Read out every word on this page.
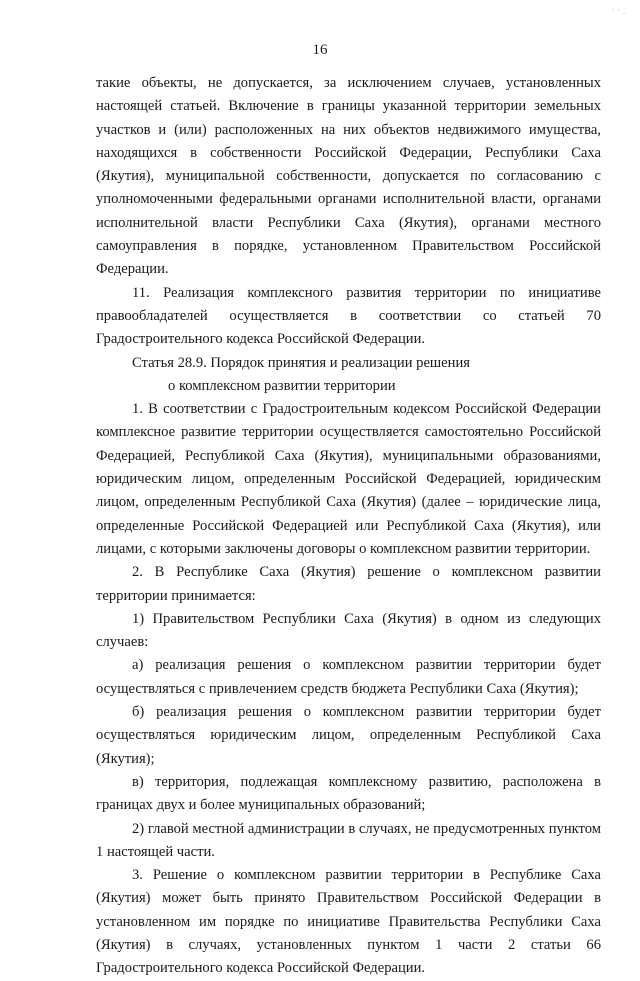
` ' .
16

такие объекты, не допускается, за исключением случаев, установленных настоящей статьей. Включение в границы указанной территории земельных участков и (или) расположенных на них объектов недвижимого имущества, находящихся в собственности Российской Федерации, Республики Саха (Якутия), муниципальной собственности, допускается по согласованию с уполномоченными федеральными органами исполнительной власти, органами исполнительной власти Республики Саха (Якутия), органами местного самоуправления в порядке, установленном Правительством Российской Федерации.

11. Реализация комплексного развития территории по инициативе правообладателей осуществляется в соответствии со статьей 70 Градостроительного кодекса Российской Федерации.

Статья 28.9. Порядок принятия и реализации решения

о комплексном развитии территории

1. В соответствии с Градостроительным кодексом Российской Федерации комплексное развитие территории осуществляется самостоятельно Российской Федерацией, Республикой Саха (Якутия), муниципальными образованиями, юридическим лицом, определенным Российской Федерацией, юридическим лицом, определенным Республикой Саха (Якутия) (далее – юридические лица, определенные Российской Федерацией или Республикой Саха (Якутия), или лицами, с которыми заключены договоры о комплексном развитии территории.

2. В Республике Саха (Якутия) решение о комплексном развитии территории принимается:

1) Правительством Республики Саха (Якутия) в одном из следующих случаев:

а) реализация решения о комплексном развитии территории будет осуществляться с привлечением средств бюджета Республики Саха (Якутия);

б) реализация решения о комплексном развитии территории будет осуществляться юридическим лицом, определенным Республикой Саха (Якутия);

в) территория, подлежащая комплексному развитию, расположена в границах двух и более муниципальных образований;

2) главой местной администрации в случаях, не предусмотренных пунктом 1 настоящей части.

3. Решение о комплексном развитии территории в Республике Саха (Якутия) может быть принято Правительством Российской Федерации в установленном им порядке по инициативе Правительства Республики Саха (Якутия) в случаях, установленных пунктом 1 части 2 статьи 66 Градостроительного кодекса Российской Федерации.
